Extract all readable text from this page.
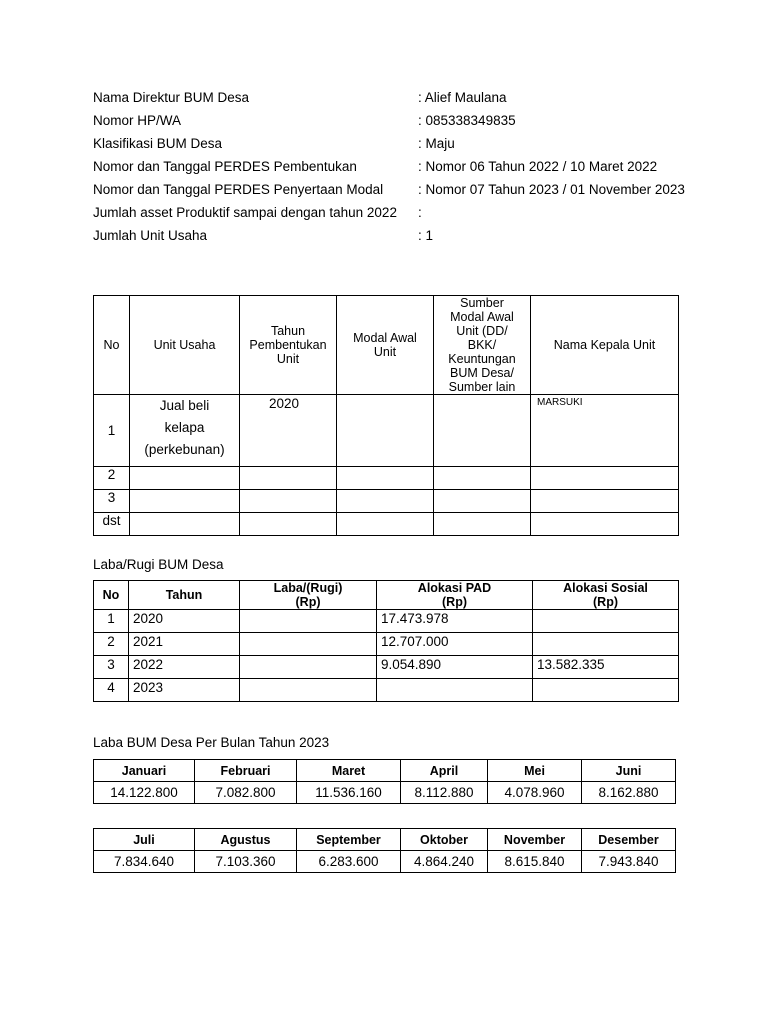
Nama Direktur BUM Desa	: Alief Maulana
Nomor HP/WA	: 085338349835
Klasifikasi BUM Desa	: Maju
Nomor dan Tanggal PERDES Pembentukan	: Nomor 06 Tahun 2022 / 10 Maret 2022
Nomor dan Tanggal PERDES Penyertaan Modal	: Nomor 07 Tahun 2023 / 01 November 2023
Jumlah asset Produktif sampai dengan tahun 2022	:
Jumlah Unit Usaha	: 1
No	Unit Usaha	Tahun Pembentukan Unit	Modal Awal Unit	Sumber Modal Awal Unit (DD/ BKK/ Keuntungan BUM Desa/ Sumber lain	Nama Kepala Unit
1	Jual beli kelapa (perkebunan)	2020			MARSUKI
2					
3					
dst					
Laba/Rugi BUM Desa
No	Tahun	Laba/(Rugi) (Rp)	Alokasi PAD (Rp)	Alokasi Sosial (Rp)
1	2020		17.473.978	
2	2021		12.707.000	
3	2022		9.054.890	13.582.335
4	2023			
Laba BUM Desa Per Bulan Tahun 2023
Januari	Februari	Maret	April	Mei	Juni
14.122.800	7.082.800	11.536.160	8.112.880	4.078.960	8.162.880
Juli	Agustus	September	Oktober	November	Desember
7.834.640	7.103.360	6.283.600	4.864.240	8.615.840	7.943.840
